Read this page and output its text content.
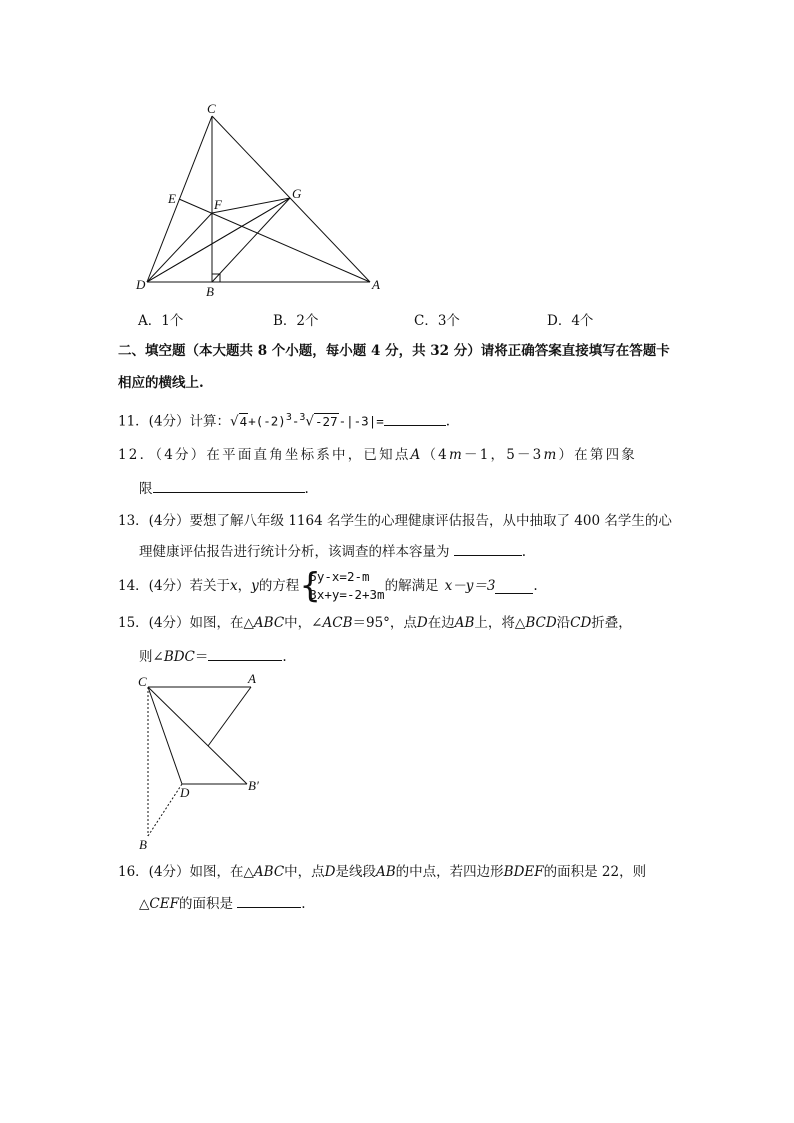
C
E	F
G
D	B	A
A．1个	B．2个	C．3个	D．4个
二、填空题（本大题共 8 个小题，每小题 4 分，共 32 分）请将正确答案直接填写在答题卡
相应的横线上.
11．(4分）计算：$√4+(-2)^3-^3√-27-|-3|=$	.
12．（4分）在平面直角坐标系中，已知点A（4m－1，5－3m）在第四象
限	.
13．(4分）要想了解八年级 1164 名学生的心理健康评估报告，从中抽取了 400 名学生的心
理健康评估报告进行统计分析，该调查的样本容量为	.
14．(4分）若关于 x ， y 的方程 {
5y-x=2-m
3x+y=-2+3m
的解满足 x－y＝3	.
15．(4分）如图，在△ABC中，∠ACB＝95°，点D在边AB上，将△BCD沿CD折叠，
则∠BDC＝	.
C	A
D	B′
B
16．(4分）如图，在△ABC中，点D是线段AB的中点，若四边形BDEF的面积是 22，则
△CEF的面积是	.
